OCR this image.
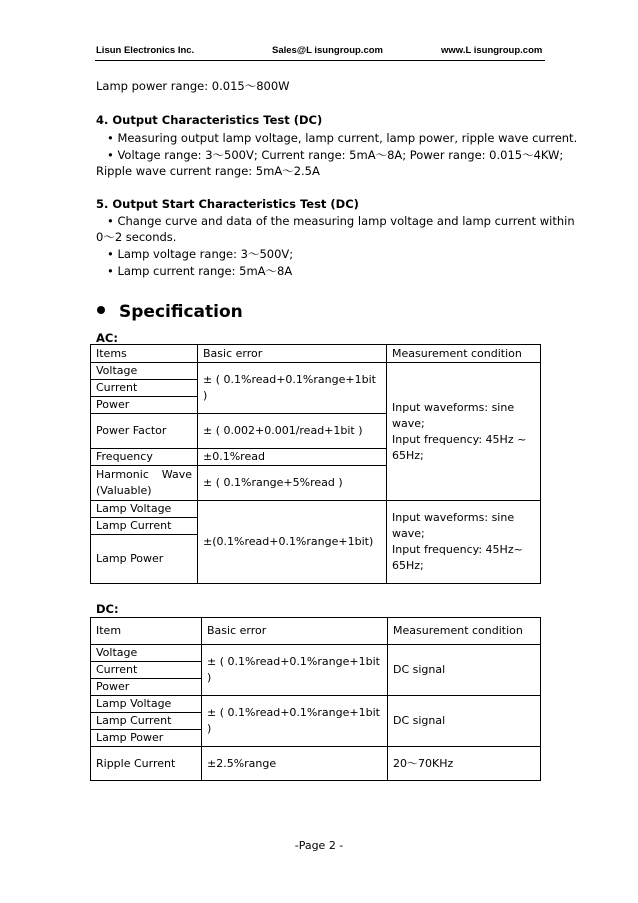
Lisun Electronics Inc.	Sales@L isungroup.com	www.L isungroup.com
Lamp power range: 0.015～800W
4. Output Characteristics Test (DC)
• Measuring output lamp voltage, lamp current, lamp power, ripple wave current.
• Voltage range: 3～500V; Current range: 5mA～8A; Power range: 0.015～4KW;
Ripple wave current range: 5mA～2.5A
5. Output Start Characteristics Test (DC)
• Change curve and data of the measuring lamp voltage and lamp current within
0～2 seconds.
• Lamp voltage range: 3～500V;
• Lamp current range: 5mA～8A
Specification
AC:
Items	Basic error	Measurement condition
Voltage	± ( 0.1%read+0.1%range+1bit )	Input waveforms: sine
wave;
Input frequency: 45Hz ~
65Hz;

Current		
Power		
Power Factor	± ( 0.002+0.001/read+1bit )	
Frequency	±0.1%read	

Harmonic Wave
(Valuable)	± ( 0.1%range+5%read )	
Lamp Voltage	±(0.1%read+0.1%range+1bit)	Input waveforms: sine
wave;
Input frequency: 45Hz~
65Hz;

Lamp Current		
Lamp Power		
DC:
Item	Basic error	Measurement condition
Voltage	± ( 0.1%read+0.1%range+1bit )	DC signal
Current		
Power		
Lamp Voltage	± ( 0.1%read+0.1%range+1bit )	DC signal
Lamp Current		
Lamp Power		
Ripple Current	±2.5%range	20～70KHz
-Page 2 -
